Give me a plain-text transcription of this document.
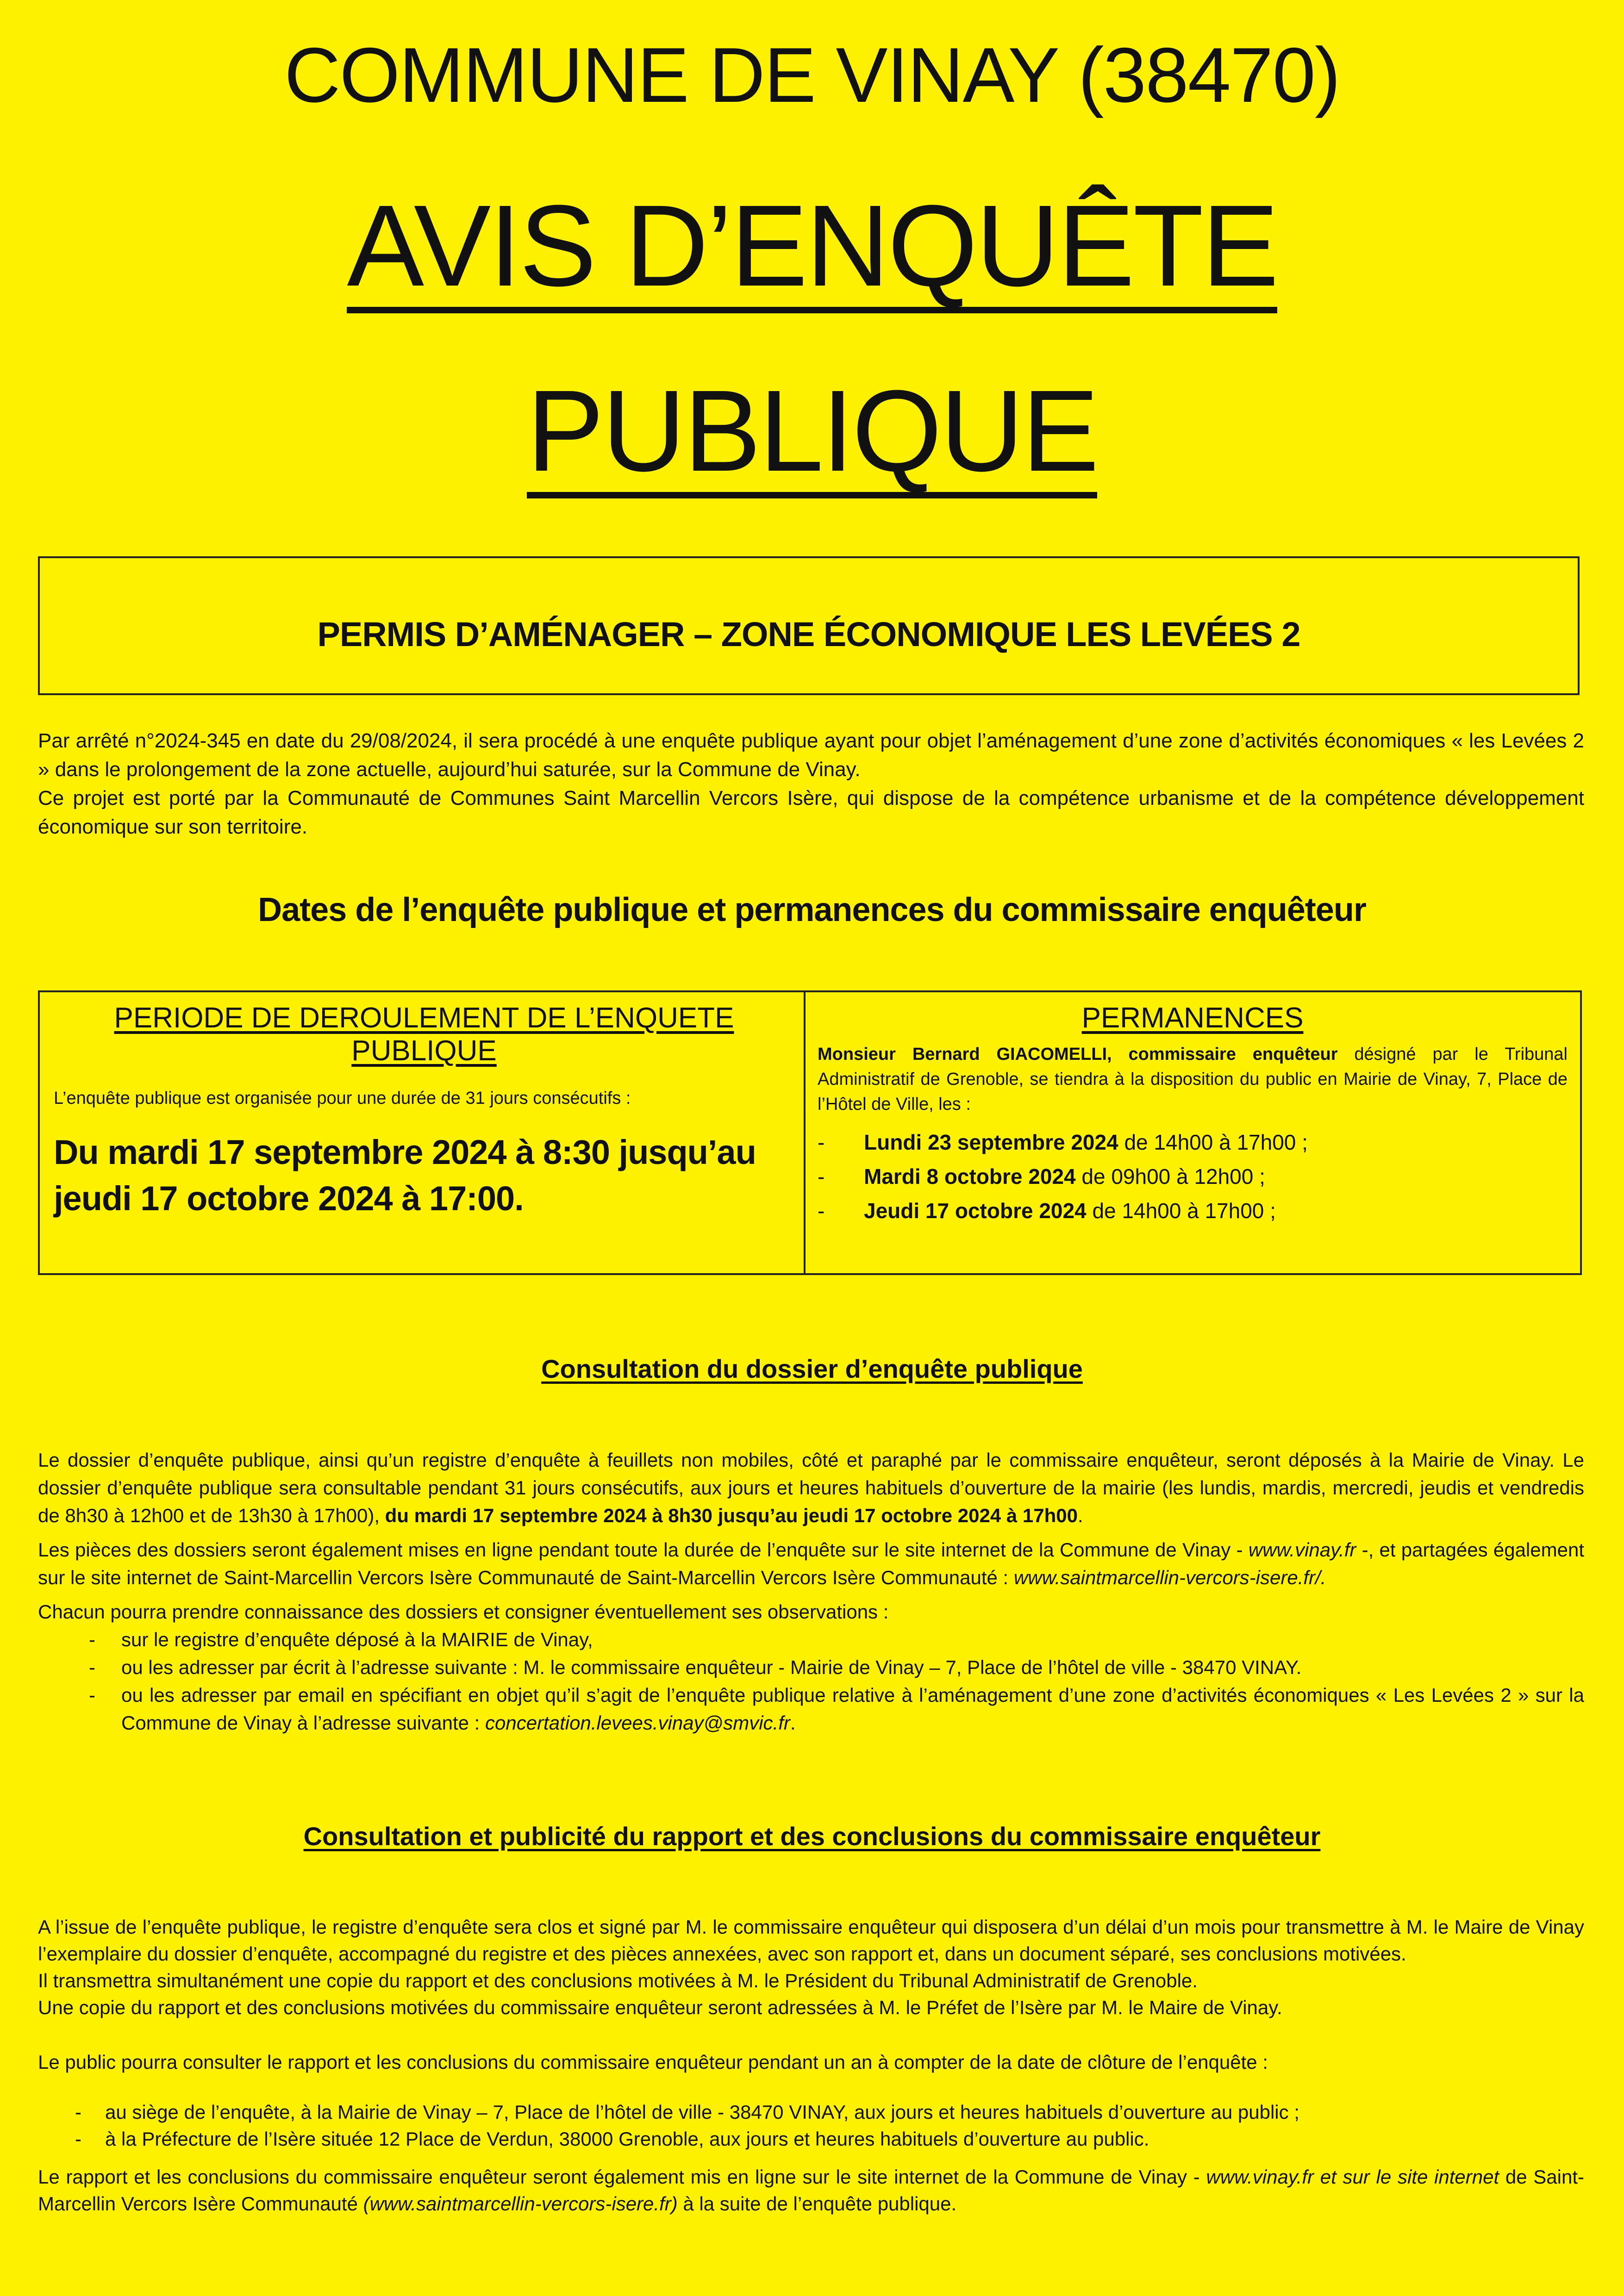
COMMUNE DE VINAY (38470)
AVIS D’ENQUÊTE
PUBLIQUE
PERMIS D’AMÉNAGER – ZONE ÉCONOMIQUE LES LEVÉES 2

Par arrêté n°2024-345 en date du 29/08/2024, il sera procédé à une enquête publique ayant pour objet l’aménagement d’une zone d’activités économiques « les Levées 2 » dans le prolongement de la zone actuelle, aujourd’hui saturée, sur la Commune de Vinay.

Ce projet est porté par la Communauté de Communes Saint Marcellin Vercors Isère, qui dispose de la compétence urbanisme et de la compétence développement économique sur son territoire.

Dates de l’enquête publique et permanences du commissaire enquêteur

PERIODE DE DEROULEMENT DE L’ENQUETE PUBLIQUE

L’enquête publique est organisée pour une durée de 31 jours consécutifs :

Du mardi 17 septembre 2024 à 8:30 jusqu’au jeudi 17 octobre 2024 à 17:00.

PERMANENCES

Monsieur Bernard GIACOMELLI, commissaire enquêteur désigné par le Tribunal Administratif de Grenoble, se tiendra à la disposition du public en Mairie de Vinay, 7, Place de l’Hôtel de Ville, les :

- Lundi 23 septembre 2024 de 14h00 à 17h00 ;
- Mardi 8 octobre 2024 de 09h00 à 12h00 ;
- Jeudi 17 octobre 2024 de 14h00 à 17h00 ;
Consultation du dossier d’enquête publique

Le dossier d’enquête publique, ainsi qu’un registre d’enquête à feuillets non mobiles, côté et paraphé par le commissaire enquêteur, seront déposés à la Mairie de Vinay. Le dossier d’enquête publique sera consultable pendant 31 jours consécutifs, aux jours et heures habituels d’ouverture de la mairie (les lundis, mardis, mercredi, jeudis et vendredis de 8h30 à 12h00 et de 13h30 à 17h00), du mardi 17 septembre 2024 à 8h30 jusqu’au jeudi 17 octobre 2024 à 17h00.

Les pièces des dossiers seront également mises en ligne pendant toute la durée de l’enquête sur le site internet de la Commune de Vinay - www.vinay.fr -, et partagées également sur le site internet de Saint-Marcellin Vercors Isère Communauté de Saint-Marcellin Vercors Isère Communauté : www.saintmarcellin-vercors-isere.fr/.

Chacun pourra prendre connaissance des dossiers et consigner éventuellement ses observations :

- sur le registre d’enquête déposé à la MAIRIE de Vinay,
- ou les adresser par écrit à l’adresse suivante : M. le commissaire enquêteur - Mairie de Vinay – 7, Place de l’hôtel de ville - 38470 VINAY.
- ou les adresser par email en spécifiant en objet qu’il s’agit de l’enquête publique relative à l’aménagement d’une zone d’activités économiques « Les Levées 2 » sur la Commune de Vinay à l’adresse suivante : concertation.levees.vinay@smvic.fr.
Consultation et publicité du rapport et des conclusions du commissaire enquêteur

A l’issue de l’enquête publique, le registre d’enquête sera clos et signé par M. le commissaire enquêteur qui disposera d’un délai d’un mois pour transmettre à M. le Maire de Vinay l’exemplaire du dossier d’enquête, accompagné du registre et des pièces annexées, avec son rapport et, dans un document séparé, ses conclusions motivées.

Il transmettra simultanément une copie du rapport et des conclusions motivées à M. le Président du Tribunal Administratif de Grenoble.

Une copie du rapport et des conclusions motivées du commissaire enquêteur seront adressées à M. le Préfet de l’Isère par M. le Maire de Vinay.

Le public pourra consulter le rapport et les conclusions du commissaire enquêteur pendant un an à compter de la date de clôture de l’enquête :

- au siège de l’enquête, à la Mairie de Vinay – 7, Place de l’hôtel de ville - 38470 VINAY, aux jours et heures habituels d’ouverture au public ;
- à la Préfecture de l’Isère située 12 Place de Verdun, 38000 Grenoble, aux jours et heures habituels d’ouverture au public.

Le rapport et les conclusions du commissaire enquêteur seront également mis en ligne sur le site internet de la Commune de Vinay - www.vinay.fr et sur le site internet de Saint-Marcellin Vercors Isère Communauté (www.saintmarcellin-vercors-isere.fr) à la suite de l’enquête publique.
